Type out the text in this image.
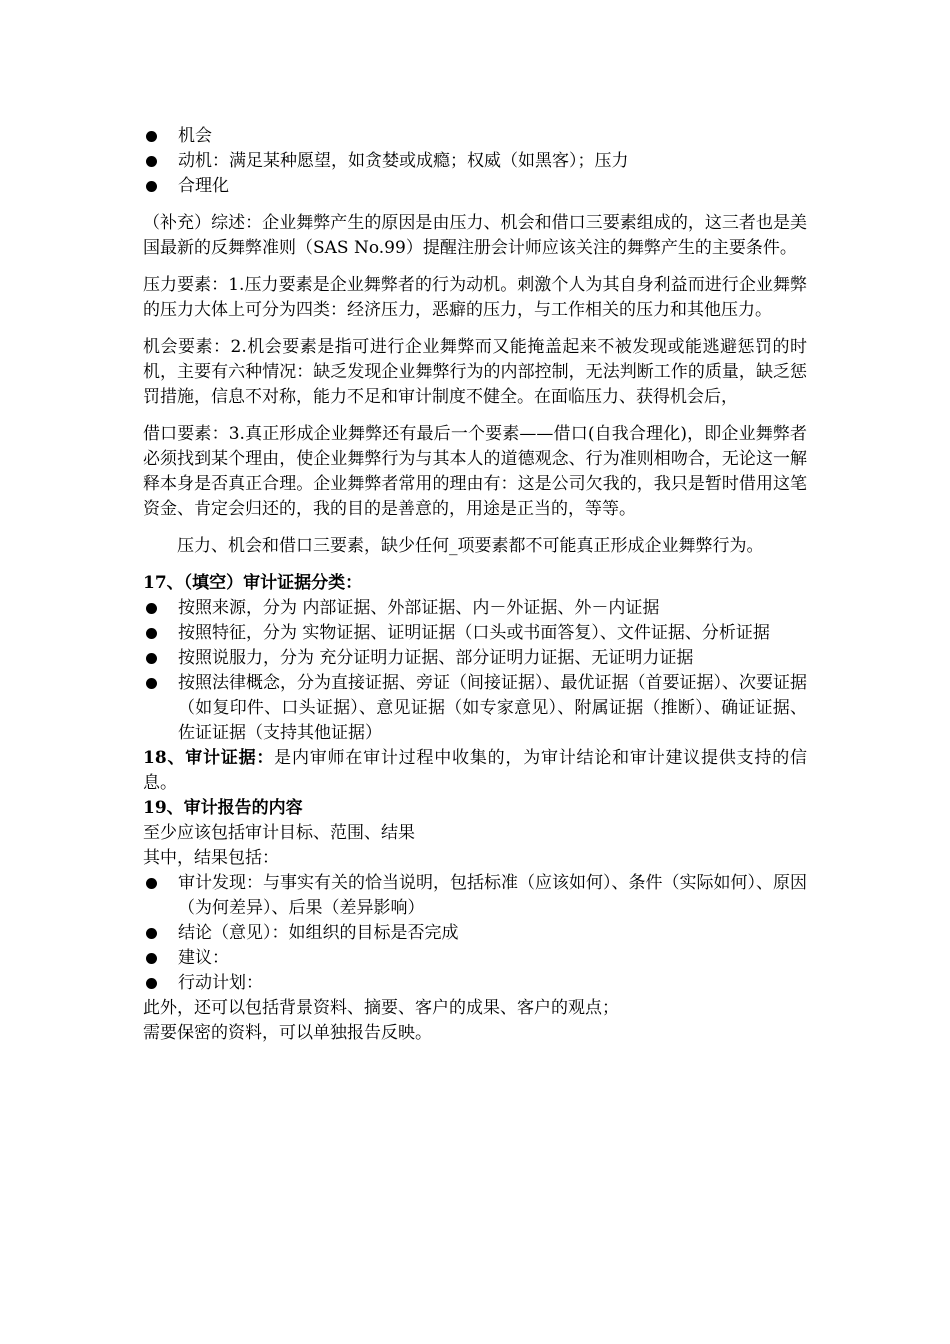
机会
动机：满足某种愿望，如贪婪或成瘾；权威（如黑客）；压力
合理化

（补充）综述：企业舞弊产生的原因是由压力、机会和借口三要素组成的，这三者也是美国最新的反舞弊准则（SAS No.99）提醒注册会计师应该关注的舞弊产生的主要条件。

压力要素：1.压力要素是企业舞弊者的行为动机。刺激个人为其自身利益而进行企业舞弊的压力大体上可分为四类：经济压力，恶癖的压力，与工作相关的压力和其他压力。

机会要素：2.机会要素是指可进行企业舞弊而又能掩盖起来不被发现或能逃避惩罚的时机，主要有六种情况：缺乏发现企业舞弊行为的内部控制，无法判断工作的质量，缺乏惩罚措施，信息不对称，能力不足和审计制度不健全。在面临压力、获得机会后，

借口要素：3.真正形成企业舞弊还有最后一个要素——借口(自我合理化)，即企业舞弊者必须找到某个理由，使企业舞弊行为与其本人的道德观念、行为准则相吻合，无论这一解释本身是否真正合理。企业舞弊者常用的理由有：这是公司欠我的，我只是暂时借用这笔资金、肯定会归还的，我的目的是善意的，用途是正当的，等等。

压力、机会和借口三要素，缺少任何_项要素都不可能真正形成企业舞弊行为。

17、（填空）审计证据分类：

按照来源，分为 内部证据、外部证据、内－外证据、外－内证据
按照特征，分为 实物证据、证明证据（口头或书面答复）、文件证据、分析证据
按照说服力，分为 充分证明力证据、部分证明力证据、无证明力证据
按照法律概念，分为直接证据、旁证（间接证据）、最优证据（首要证据）、次要证据（如复印件、口头证据）、意见证据（如专家意见）、附属证据（推断）、确证证据、佐证证据（支持其他证据）

18、审计证据：是内审师在审计过程中收集的，为审计结论和审计建议提供支持的信息。

19、审计报告的内容

至少应该包括审计目标、范围、结果

其中，结果包括：

审计发现：与事实有关的恰当说明，包括标准（应该如何）、条件（实际如何）、原因（为何差异）、后果（差异影响）
结论（意见）：如组织的目标是否完成
建议：
行动计划：

此外，还可以包括背景资料、摘要、客户的成果、客户的观点；

需要保密的资料，可以单独报告反映。
